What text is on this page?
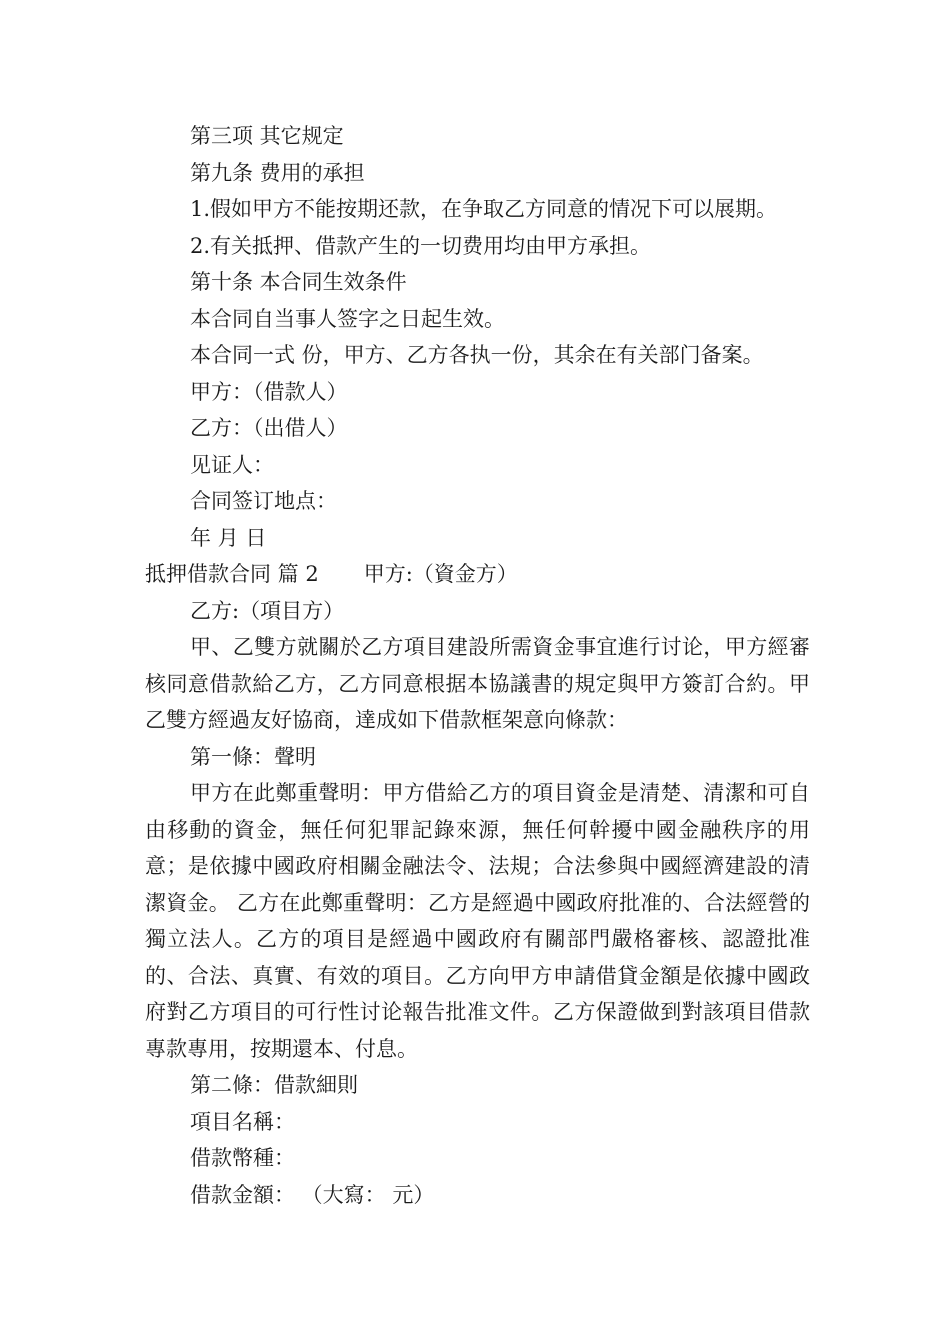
第三项 其它规定
第九条 费用的承担
1.假如甲方不能按期还款，在争取乙方同意的情况下可以展期。
2.有关抵押、借款产生的一切费用均由甲方承担。
第十条 本合同生效条件
本合同自当事人签字之日起生效。
本合同一式 份，甲方、乙方各执一份，其余在有关部门备案。
甲方：（借款人）
乙方：（出借人）
见证人：
合同签订地点：
年 月 日
抵押借款合同 篇 2 甲方:（資金方）
乙方:（項目方）

甲、乙雙方就關於乙方項目建設所需資金事宜進行讨论，甲方經審核同意借款給乙方，乙方同意根据本協議書的規定與甲方簽訂合約。甲乙雙方經過友好協商，達成如下借款框架意向條款：

第一條：聲明

甲方在此鄭重聲明：甲方借給乙方的項目資金是清楚、清潔和可自由移動的資金，無任何犯罪記錄來源，無任何幹擾中國金融秩序的用意；是依據中國政府相關金融法令、法規；合法參與中國經濟建設的清潔資金。 乙方在此鄭重聲明：乙方是經過中國政府批准的、合法經營的獨立法人。乙方的項目是經過中國政府有關部門嚴格審核、認證批准的、合法、真實、有效的項目。乙方向甲方申請借貸金額是依據中國政府對乙方項目的可行性讨论報告批准文件。乙方保證做到對該項目借款專款專用，按期還本、付息。

第二條：借款細則
項目名稱：
借款幣種：
借款金額： （大寫： 元）
